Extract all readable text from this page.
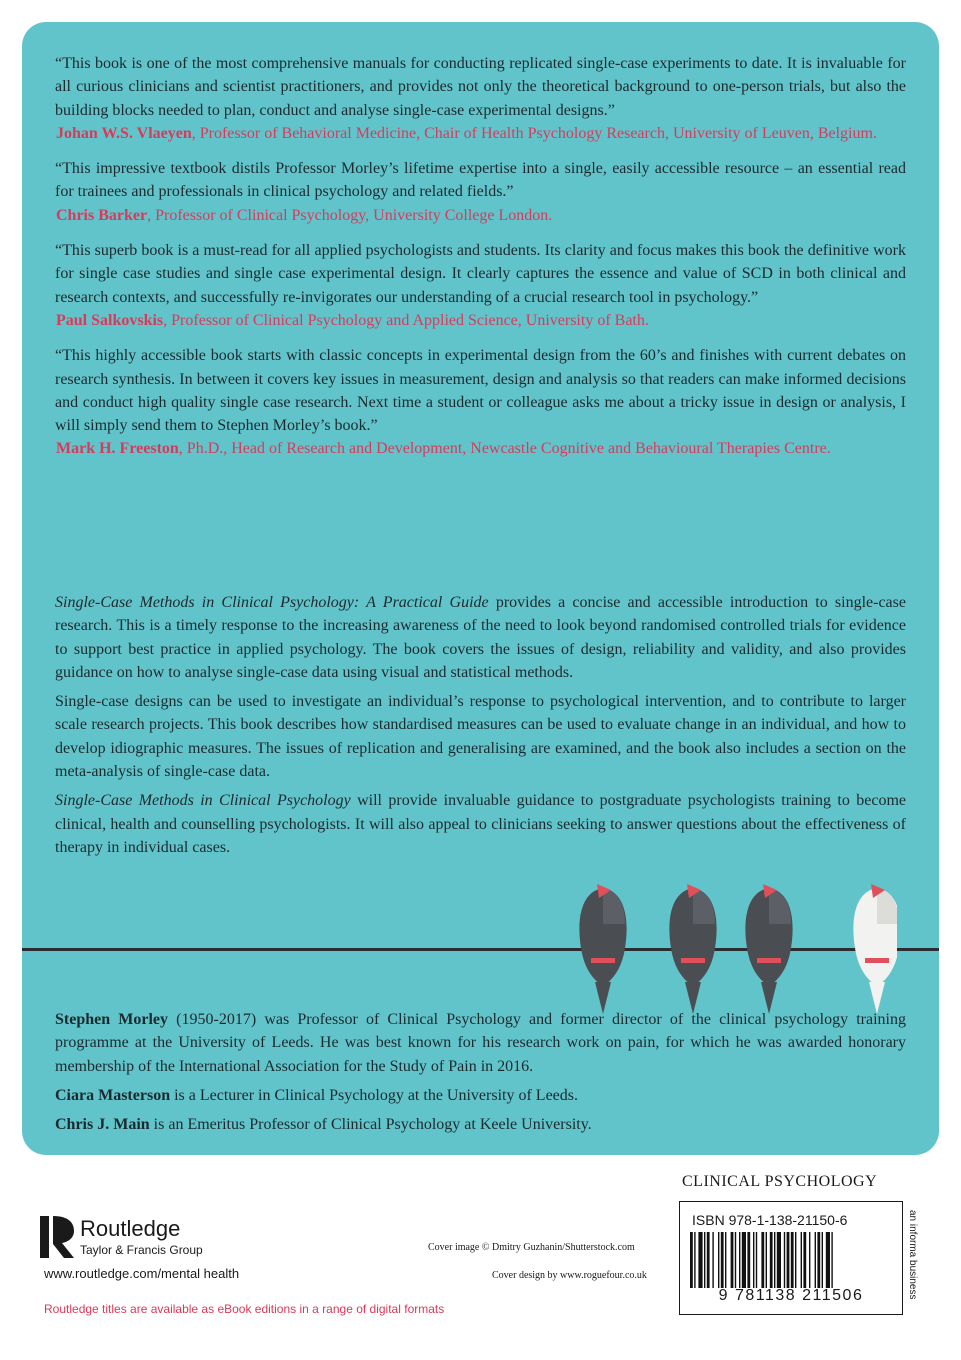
“This book is one of the most comprehensive manuals for conducting replicated single-case experiments to date. It is invaluable for all curious clinicians and scientist practitioners, and provides not only the theoretical background to one-person trials, but also the building blocks needed to plan, conduct and analyse single-case experimental designs.”
Johan W.S. Vlaeyen, Professor of Behavioral Medicine, Chair of Health Psychology Research, University of Leuven, Belgium.
“This impressive textbook distils Professor Morley’s lifetime expertise into a single, easily accessible resource – an essential read for trainees and professionals in clinical psychology and related fields.”
Chris Barker, Professor of Clinical Psychology, University College London.
“This superb book is a must-read for all applied psychologists and students. Its clarity and focus makes this book the definitive work for single case studies and single case experimental design. It clearly captures the essence and value of SCD in both clinical and research contexts, and successfully re-invigorates our understanding of a crucial research tool in psychology.”
Paul Salkovskis, Professor of Clinical Psychology and Applied Science, University of Bath.
“This highly accessible book starts with classic concepts in experimental design from the 60’s and finishes with current debates on research synthesis. In between it covers key issues in measurement, design and analysis so that readers can make informed decisions and conduct high quality single case research. Next time a student or colleague asks me about a tricky issue in design or analysis, I will simply send them to Stephen Morley’s book.”
Mark H. Freeston, Ph.D., Head of Research and Development, Newcastle Cognitive and Behavioural Therapies Centre.

Single-Case Methods in Clinical Psychology: A Practical Guide provides a concise and accessible introduction to single-case research. This is a timely response to the increasing awareness of the need to look beyond randomised controlled trials for evidence to support best practice in applied psychology. The book covers the issues of design, reliability and validity, and also provides guidance on how to analyse single-case data using visual and statistical methods.

Single-case designs can be used to investigate an individual’s response to psychological intervention, and to contribute to larger scale research projects. This book describes how standardised measures can be used to evaluate change in an individual, and how to develop idiographic measures. The issues of replication and generalising are examined, and the book also includes a section on the meta-analysis of single-case data.

Single-Case Methods in Clinical Psychology will provide invaluable guidance to postgraduate psychologists training to become clinical, health and counselling psychologists. It will also appeal to clinicians seeking to answer questions about the effectiveness of therapy in individual cases.

Stephen Morley (1950-2017) was Professor of Clinical Psychology and former director of the clinical psychology training programme at the University of Leeds. He was best known for his research work on pain, for which he was awarded honorary membership of the International Association for the Study of Pain in 2016.

Ciara Masterson is a Lecturer in Clinical Psychology at the University of Leeds.

Chris J. Main is an Emeritus Professor of Clinical Psychology at Keele University.

Routledge
Taylor & Francis Group
www.routledge.com/mental health
Routledge titles are available as eBook editions in a range of digital formats
Cover image © Dmitry Guzhanin/Shutterstock.com
Cover design by www.roguefour.co.uk
CLINICAL PSYCHOLOGY
ISBN 978-1-138-21150-6
9 781138 211506	an informa business
